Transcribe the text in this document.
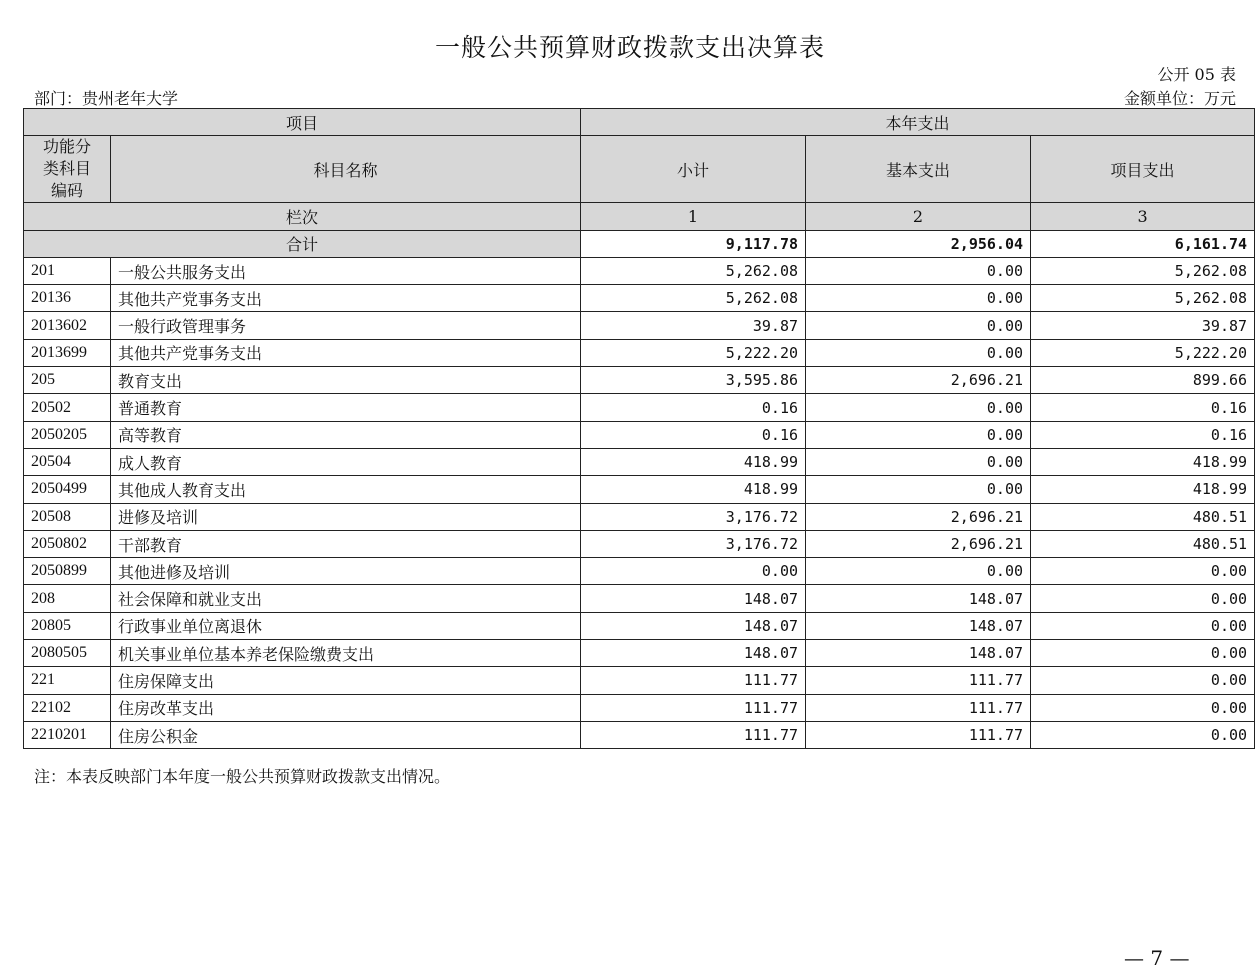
一般公共预算财政拨款支出决算表
公开 05 表
部门：贵州老年大学	金额单位：万元
项目		本年支出		

功能分
类科目
编码	科目名称	小计	基本支出	项目支出
栏次		1	2	3
合计		9,117.78	2,956.04	6,161.74
201	一般公共服务支出	5,262.08	0.00	5,262.08
20136	其他共产党事务支出	5,262.08	0.00	5,262.08
2013602	一般行政管理事务	39.87	0.00	39.87
2013699	其他共产党事务支出	5,222.20	0.00	5,222.20
205	教育支出	3,595.86	2,696.21	899.66
20502	普通教育	0.16	0.00	0.16
2050205	高等教育	0.16	0.00	0.16
20504	成人教育	418.99	0.00	418.99
2050499	其他成人教育支出	418.99	0.00	418.99
20508	进修及培训	3,176.72	2,696.21	480.51
2050802	干部教育	3,176.72	2,696.21	480.51
2050899	其他进修及培训	0.00	0.00	0.00
208	社会保障和就业支出	148.07	148.07	0.00
20805	行政事业单位离退休	148.07	148.07	0.00
2080505	机关事业单位基本养老保险缴费支出	148.07	148.07	0.00
221	住房保障支出	111.77	111.77	0.00
22102	住房改革支出	111.77	111.77	0.00
2210201	住房公积金	111.77	111.77	0.00
注：本表反映部门本年度一般公共预算财政拨款支出情况。
— 7 —
